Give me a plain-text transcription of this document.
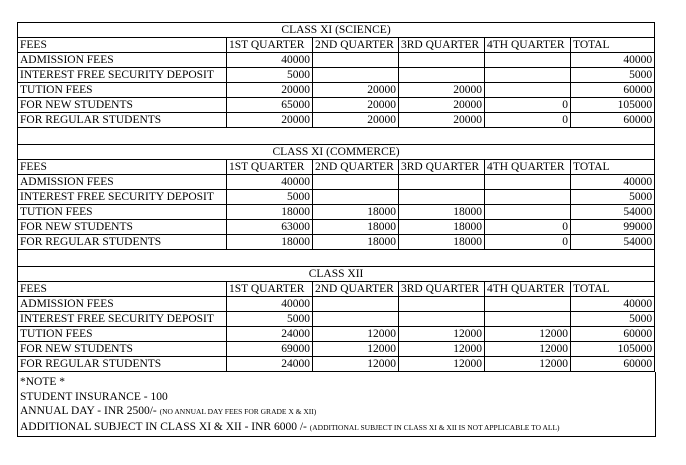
CLASS XI (SCIENCE)					
FEES	1ST QUARTER	2ND QUARTER	3RD QUARTER	4TH QUARTER	TOTAL
ADMISSION FEES	40000				40000
INTEREST FREE SECURITY DEPOSIT	5000				5000
TUTION FEES	20000	20000	20000		60000
FOR NEW STUDENTS	65000	20000	20000	0	105000
FOR REGULAR STUDENTS	20000	20000	20000	0	60000

CLASS XI (COMMERCE)					
FEES	1ST QUARTER	2ND QUARTER	3RD QUARTER	4TH QUARTER	TOTAL
ADMISSION FEES	40000				40000
INTEREST FREE SECURITY DEPOSIT	5000				5000
TUTION FEES	18000	18000	18000		54000
FOR NEW STUDENTS	63000	18000	18000	0	99000
FOR REGULAR STUDENTS	18000	18000	18000	0	54000

CLASS XII					
FEES	1ST QUARTER	2ND QUARTER	3RD QUARTER	4TH QUARTER	TOTAL
ADMISSION FEES	40000				40000
INTEREST FREE SECURITY DEPOSIT	5000				5000
TUTION FEES	24000	12000	12000	12000	60000
FOR NEW STUDENTS	69000	12000	12000	12000	105000
FOR REGULAR STUDENTS	24000	12000	12000	12000	60000
*NOTE *
STUDENT INSURANCE - 100
ANNUAL DAY - INR 2500/- (NO ANNUAL DAY FEES FOR GRADE X & XII)
ADDITIONAL SUBJECT IN CLASS XI & XII - INR 6000 /- (ADDITIONAL SUBJECT IN CLASS XI & XII IS NOT APPLICABLE TO ALL)
